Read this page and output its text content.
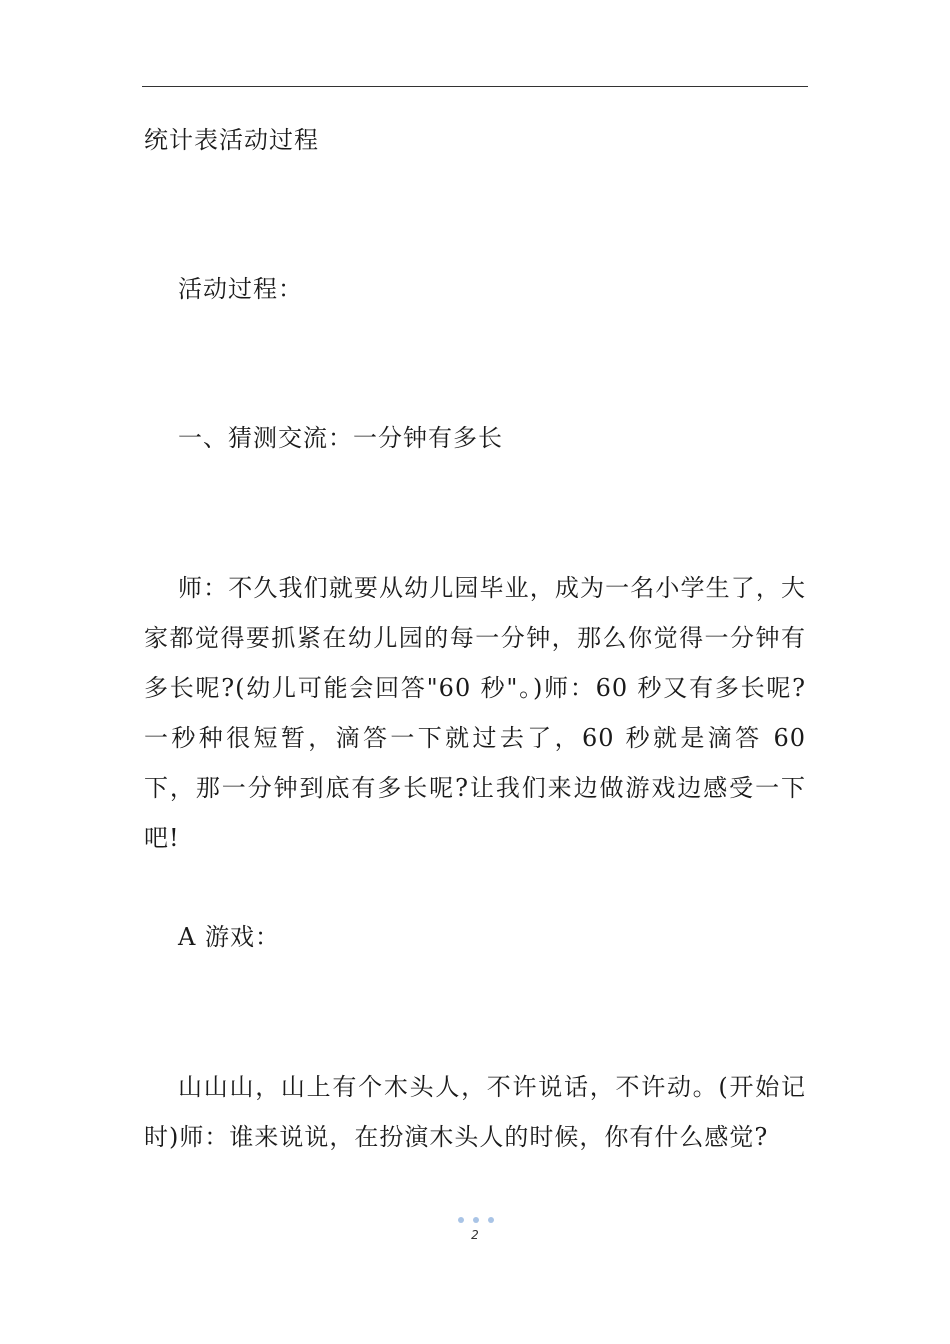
统计表活动过程

活动过程：

一、猜测交流：一分钟有多长

师：不久我们就要从幼儿园毕业，成为一名小学生了，大家都觉得要抓紧在幼儿园的每一分钟，那么你觉得一分钟有多长呢?(幼儿可能会回答"60 秒"。)师：60 秒又有多长呢?一秒种很短暂，滴答一下就过去了，60 秒就是滴答 60 下，那一分钟到底有多长呢?让我们来边做游戏边感受一下吧!

A 游戏：

山山山，山上有个木头人，不许说话，不许动。(开始记时)师：谁来说说，在扮演木头人的时候，你有什么感觉?

2
